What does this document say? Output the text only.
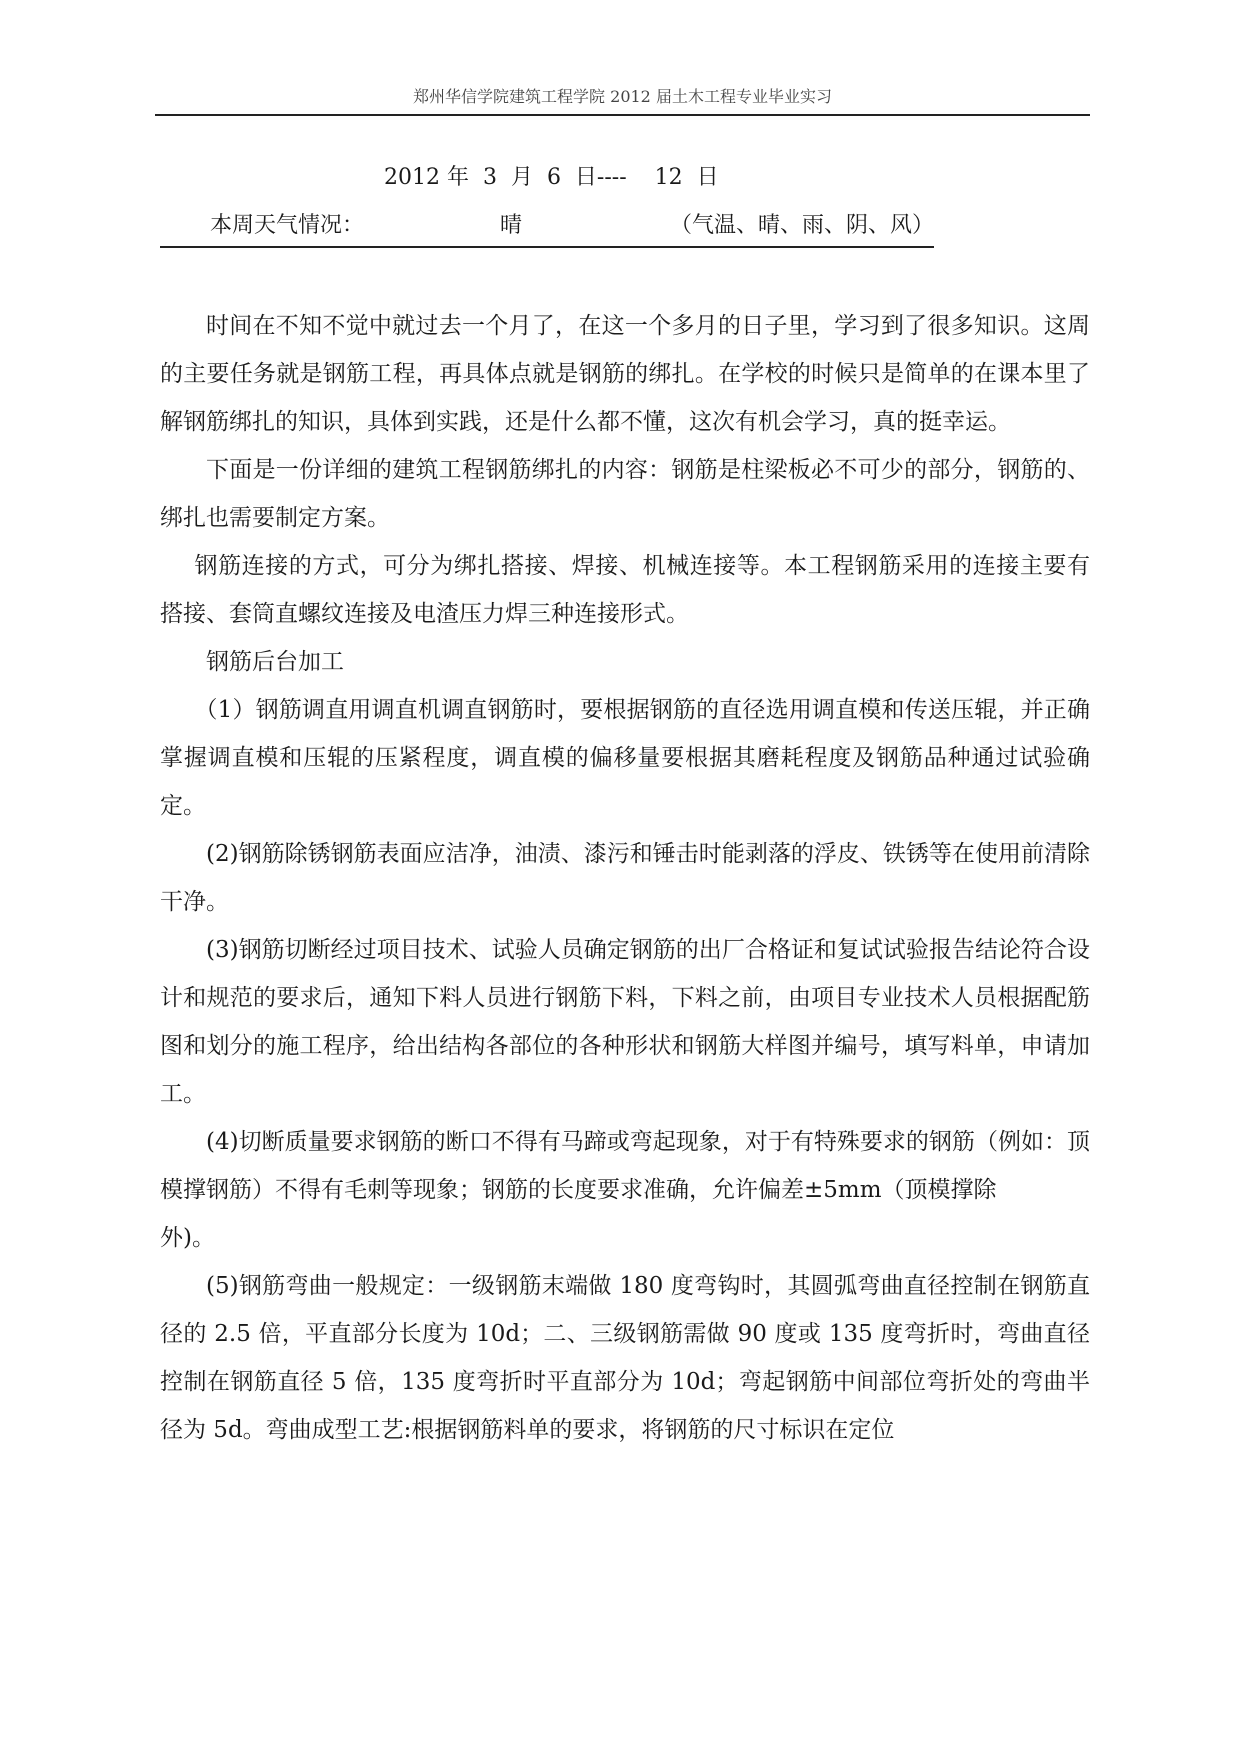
郑州华信学院建筑工程学院 2012 届土木工程专业毕业实习
2012 年  3  月  6  日----    12  日
本周天气情况：	晴	（气温、晴、雨、阴、风）

时间在不知不觉中就过去一个月了，在这一个多月的日子里，学习到了很多知识。这周的主要任务就是钢筋工程，再具体点就是钢筋的绑扎。在学校的时候只是简单的在课本里了解钢筋绑扎的知识，具体到实践，还是什么都不懂，这次有机会学习，真的挺幸运。

下面是一份详细的建筑工程钢筋绑扎的内容：钢筋是柱梁板必不可少的部分，钢筋的、绑扎也需要制定方案。

钢筋连接的方式，可分为绑扎搭接、焊接、机械连接等。本工程钢筋采用的连接主要有搭接、套筒直螺纹连接及电渣压力焊三种连接形式。

钢筋后台加工

（1）钢筋调直用调直机调直钢筋时，要根据钢筋的直径选用调直模和传送压辊，并正确掌握调直模和压辊的压紧程度，调直模的偏移量要根据其磨耗程度及钢筋品种通过试验确定。

(2)钢筋除锈钢筋表面应洁净，油渍、漆污和锤击时能剥落的浮皮、铁锈等在使用前清除干净。

(3)钢筋切断经过项目技术、试验人员确定钢筋的出厂合格证和复试试验报告结论符合设计和规范的要求后，通知下料人员进行钢筋下料，下料之前，由项目专业技术人员根据配筋图和划分的施工程序，给出结构各部位的各种形状和钢筋大样图并编号，填写料单，申请加工。

(4)切断质量要求钢筋的断口不得有马蹄或弯起现象，对于有特殊要求的钢筋（例如：顶模撑钢筋）不得有毛刺等现象；钢筋的长度要求准确，允许偏差±5mm（顶模撑除

外)。

(5)钢筋弯曲一般规定：一级钢筋末端做 180 度弯钩时，其圆弧弯曲直径控制在钢筋直径的 2.5 倍，平直部分长度为 10d；二、三级钢筋需做 90 度或 135 度弯折时，弯曲直径控制在钢筋直径 5 倍，135 度弯折时平直部分为 10d；弯起钢筋中间部位弯折处的弯曲半径为 5d。弯曲成型工艺:根据钢筋料单的要求，将钢筋的尺寸标识在定位
